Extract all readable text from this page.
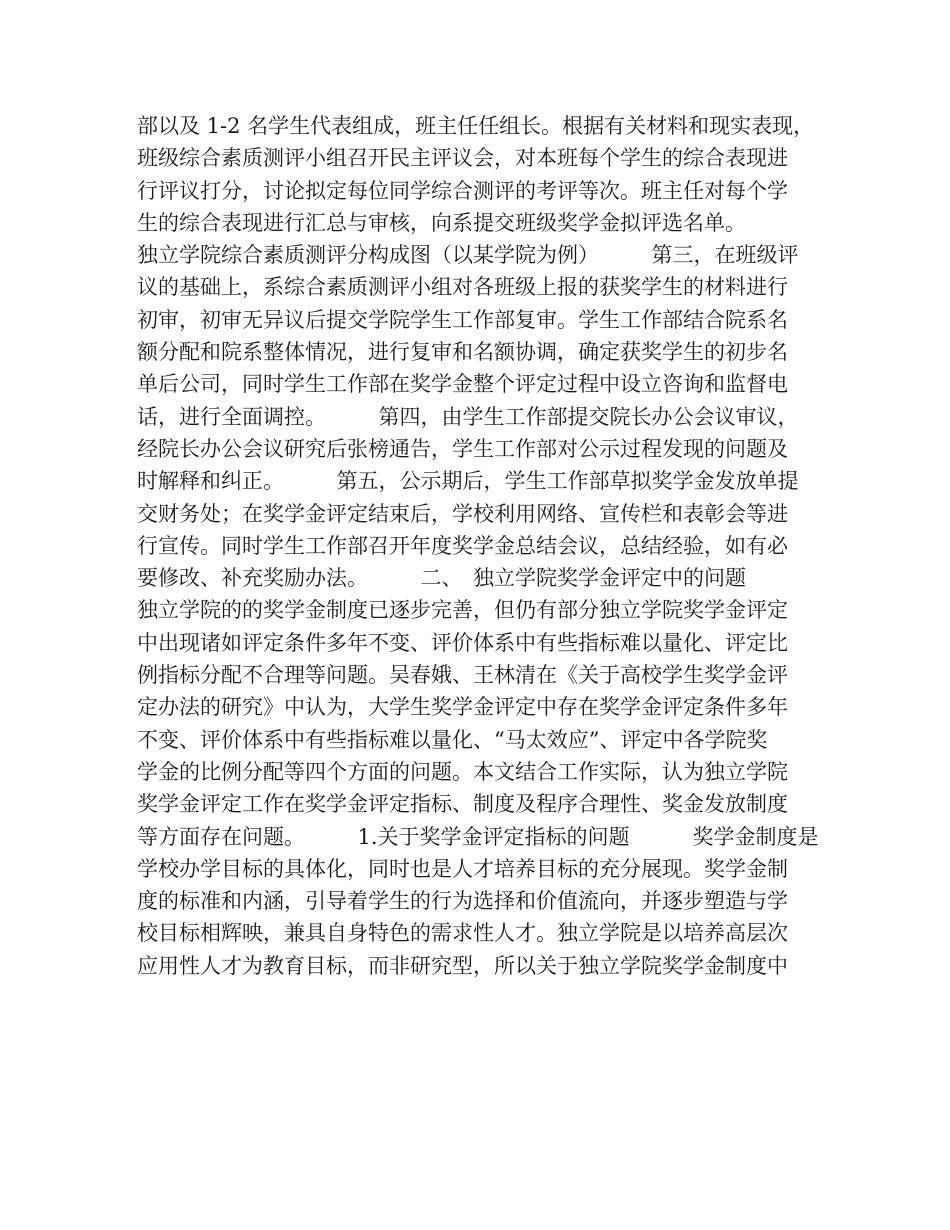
部以及 1-2 名学生代表组成，班主任任组长。根据有关材料和现实表现，
班级综合素质测评小组召开民主评议会，对本班每个学生的综合表现进
行评议打分，讨论拟定每位同学综合测评的考评等次。班主任对每个学
生的综合表现进行汇总与审核，向系提交班级奖学金拟评选名单。
独立学院综合素质测评分构成图（以某学院为例）　　　第三，在班级评
议的基础上，系综合素质测评小组对各班级上报的获奖学生的材料进行
初审，初审无异议后提交学院学生工作部复审。学生工作部结合院系名
额分配和院系整体情况，进行复审和名额协调，确定获奖学生的初步名
单后公司，同时学生工作部在奖学金整个评定过程中设立咨询和监督电
话，进行全面调控。　　　第四，由学生工作部提交院长办公会议审议，
经院长办公会议研究后张榜通告，学生工作部对公示过程发现的问题及
时解释和纠正。　　　第五，公示期后，学生工作部草拟奖学金发放单提
交财务处；在奖学金评定结束后，学校利用网络、宣传栏和表彰会等进
行宣传。同时学生工作部召开年度奖学金总结会议，总结经验，如有必
要修改、补充奖励办法。　　　二、　独立学院奖学金评定中的问题
独立学院的的奖学金制度已逐步完善，但仍有部分独立学院奖学金评定
中出现诸如评定条件多年不变、评价体系中有些指标难以量化、评定比
例指标分配不合理等问题。吴春娥、王林清在《关于高校学生奖学金评
定办法的研究》中认为，大学生奖学金评定中存在奖学金评定条件多年
不变、评价体系中有些指标难以量化、“马太效应”、评定中各学院奖
学金的比例分配等四个方面的问题。本文结合工作实际，认为独立学院
奖学金评定工作在奖学金评定指标、制度及程序合理性、奖金发放制度
等方面存在问题。　　　1.关于奖学金评定指标的问题　　　奖学金制度是
学校办学目标的具体化，同时也是人才培养目标的充分展现。奖学金制
度的标准和内涵，引导着学生的行为选择和价值流向，并逐步塑造与学
校目标相辉映，兼具自身特色的需求性人才。独立学院是以培养高层次
应用性人才为教育目标，而非研究型，所以关于独立学院奖学金制度中
